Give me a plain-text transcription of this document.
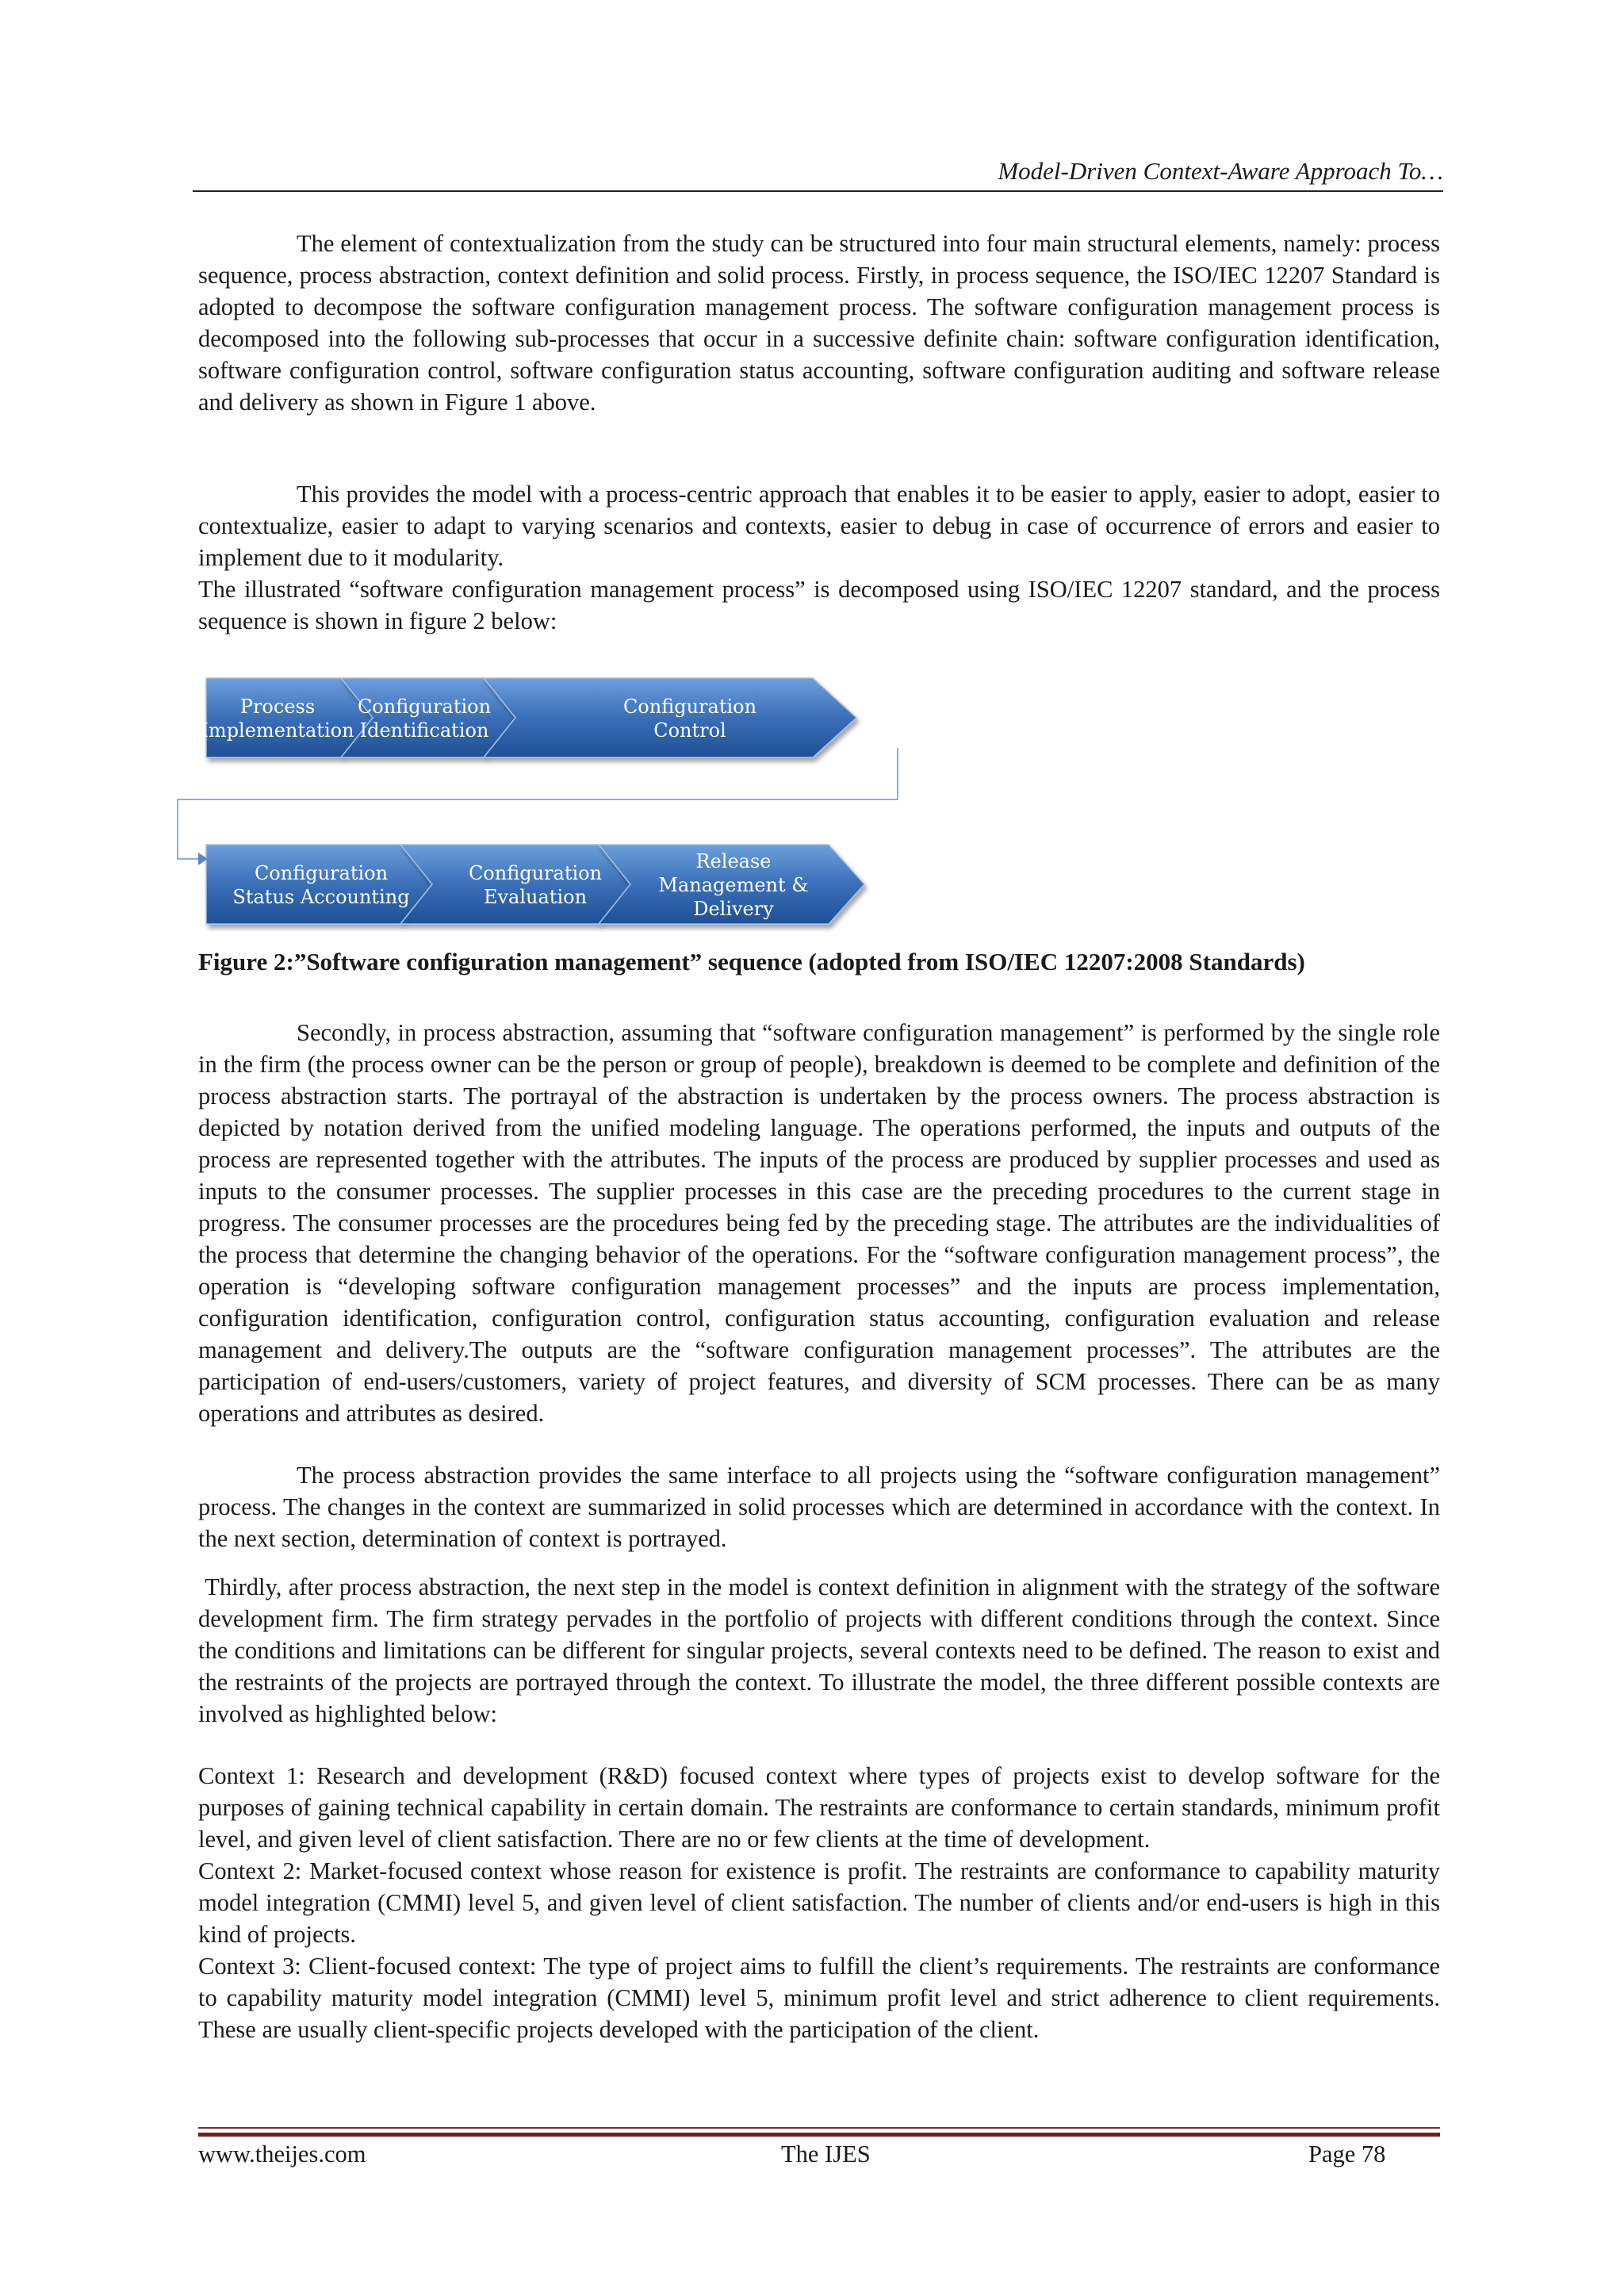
Model-Driven Context-Aware Approach To…

The element of contextualization from the study can be structured into four main structural elements, namely: process sequence, process abstraction, context definition and solid process. Firstly, in process sequence, the ISO/IEC 12207 Standard is adopted to decompose the software configuration management process. The software configuration management process is decomposed into the following sub-processes that occur in a successive definite chain: software configuration identification, software configuration control, software configuration status accounting, software configuration auditing and software release and delivery as shown in Figure 1 above.

This provides the model with a process-centric approach that enables it to be easier to apply, easier to adopt, easier to contextualize, easier to adapt to varying scenarios and contexts, easier to debug in case of occurrence of errors and easier to implement due to it modularity.

The illustrated “software configuration management process” is decomposed using ISO/IEC 12207 standard, and the process sequence is shown in figure 2 below:

Process
Implementation
Configuration
Identification
Configuration
Control
Configuration
Status Accounting
Configuration
Evaluation
Release
Management &
Delivery
Figure 2:”Software configuration management” sequence (adopted from ISO/IEC 12207:2008 Standards)

Secondly, in process abstraction, assuming that “software configuration management” is performed by the single role in the firm (the process owner can be the person or group of people), breakdown is deemed to be complete and definition of the process abstraction starts. The portrayal of the abstraction is undertaken by the process owners. The process abstraction is depicted by notation derived from the unified modeling language. The operations performed, the inputs and outputs of the process are represented together with the attributes. The inputs of the process are produced by supplier processes and used as inputs to the consumer processes. The supplier processes in this case are the preceding procedures to the current stage in progress. The consumer processes are the procedures being fed by the preceding stage. The attributes are the individualities of the process that determine the changing behavior of the operations. For the “software configuration management process”, the operation is “developing software configuration management processes” and the inputs are process implementation, configuration identification, configuration control, configuration status accounting, configuration evaluation and release management and delivery.The outputs are the “software configuration management processes”. The attributes are the participation of end-users/customers, variety of project features, and diversity of SCM processes. There can be as many operations and attributes as desired.

The process abstraction provides the same interface to all projects using the “software configuration management” process. The changes in the context are summarized in solid processes which are determined in accordance with the context. In the next section, determination of context is portrayed.

Thirdly, after process abstraction, the next step in the model is context definition in alignment with the strategy of the software development firm. The firm strategy pervades in the portfolio of projects with different conditions through the context. Since the conditions and limitations can be different for singular projects, several contexts need to be defined. The reason to exist and the restraints of the projects are portrayed through the context. To illustrate the model, the three different possible contexts are involved as highlighted below:

Context 1: Research and development (R&D) focused context where types of projects exist to develop software for the purposes of gaining technical capability in certain domain. The restraints are conformance to certain standards, minimum profit level, and given level of client satisfaction. There are no or few clients at the time of development.

Context 2: Market-focused context whose reason for existence is profit. The restraints are conformance to capability maturity model integration (CMMI) level 5, and given level of client satisfaction. The number of clients and/or end-users is high in this kind of projects.

Context 3: Client-focused context: The type of project aims to fulfill the client’s requirements. The restraints are conformance to capability maturity model integration (CMMI) level 5, minimum profit level and strict adherence to client requirements. These are usually client-specific projects developed with the participation of the client.

www.theijes.com	The IJES	Page 78
